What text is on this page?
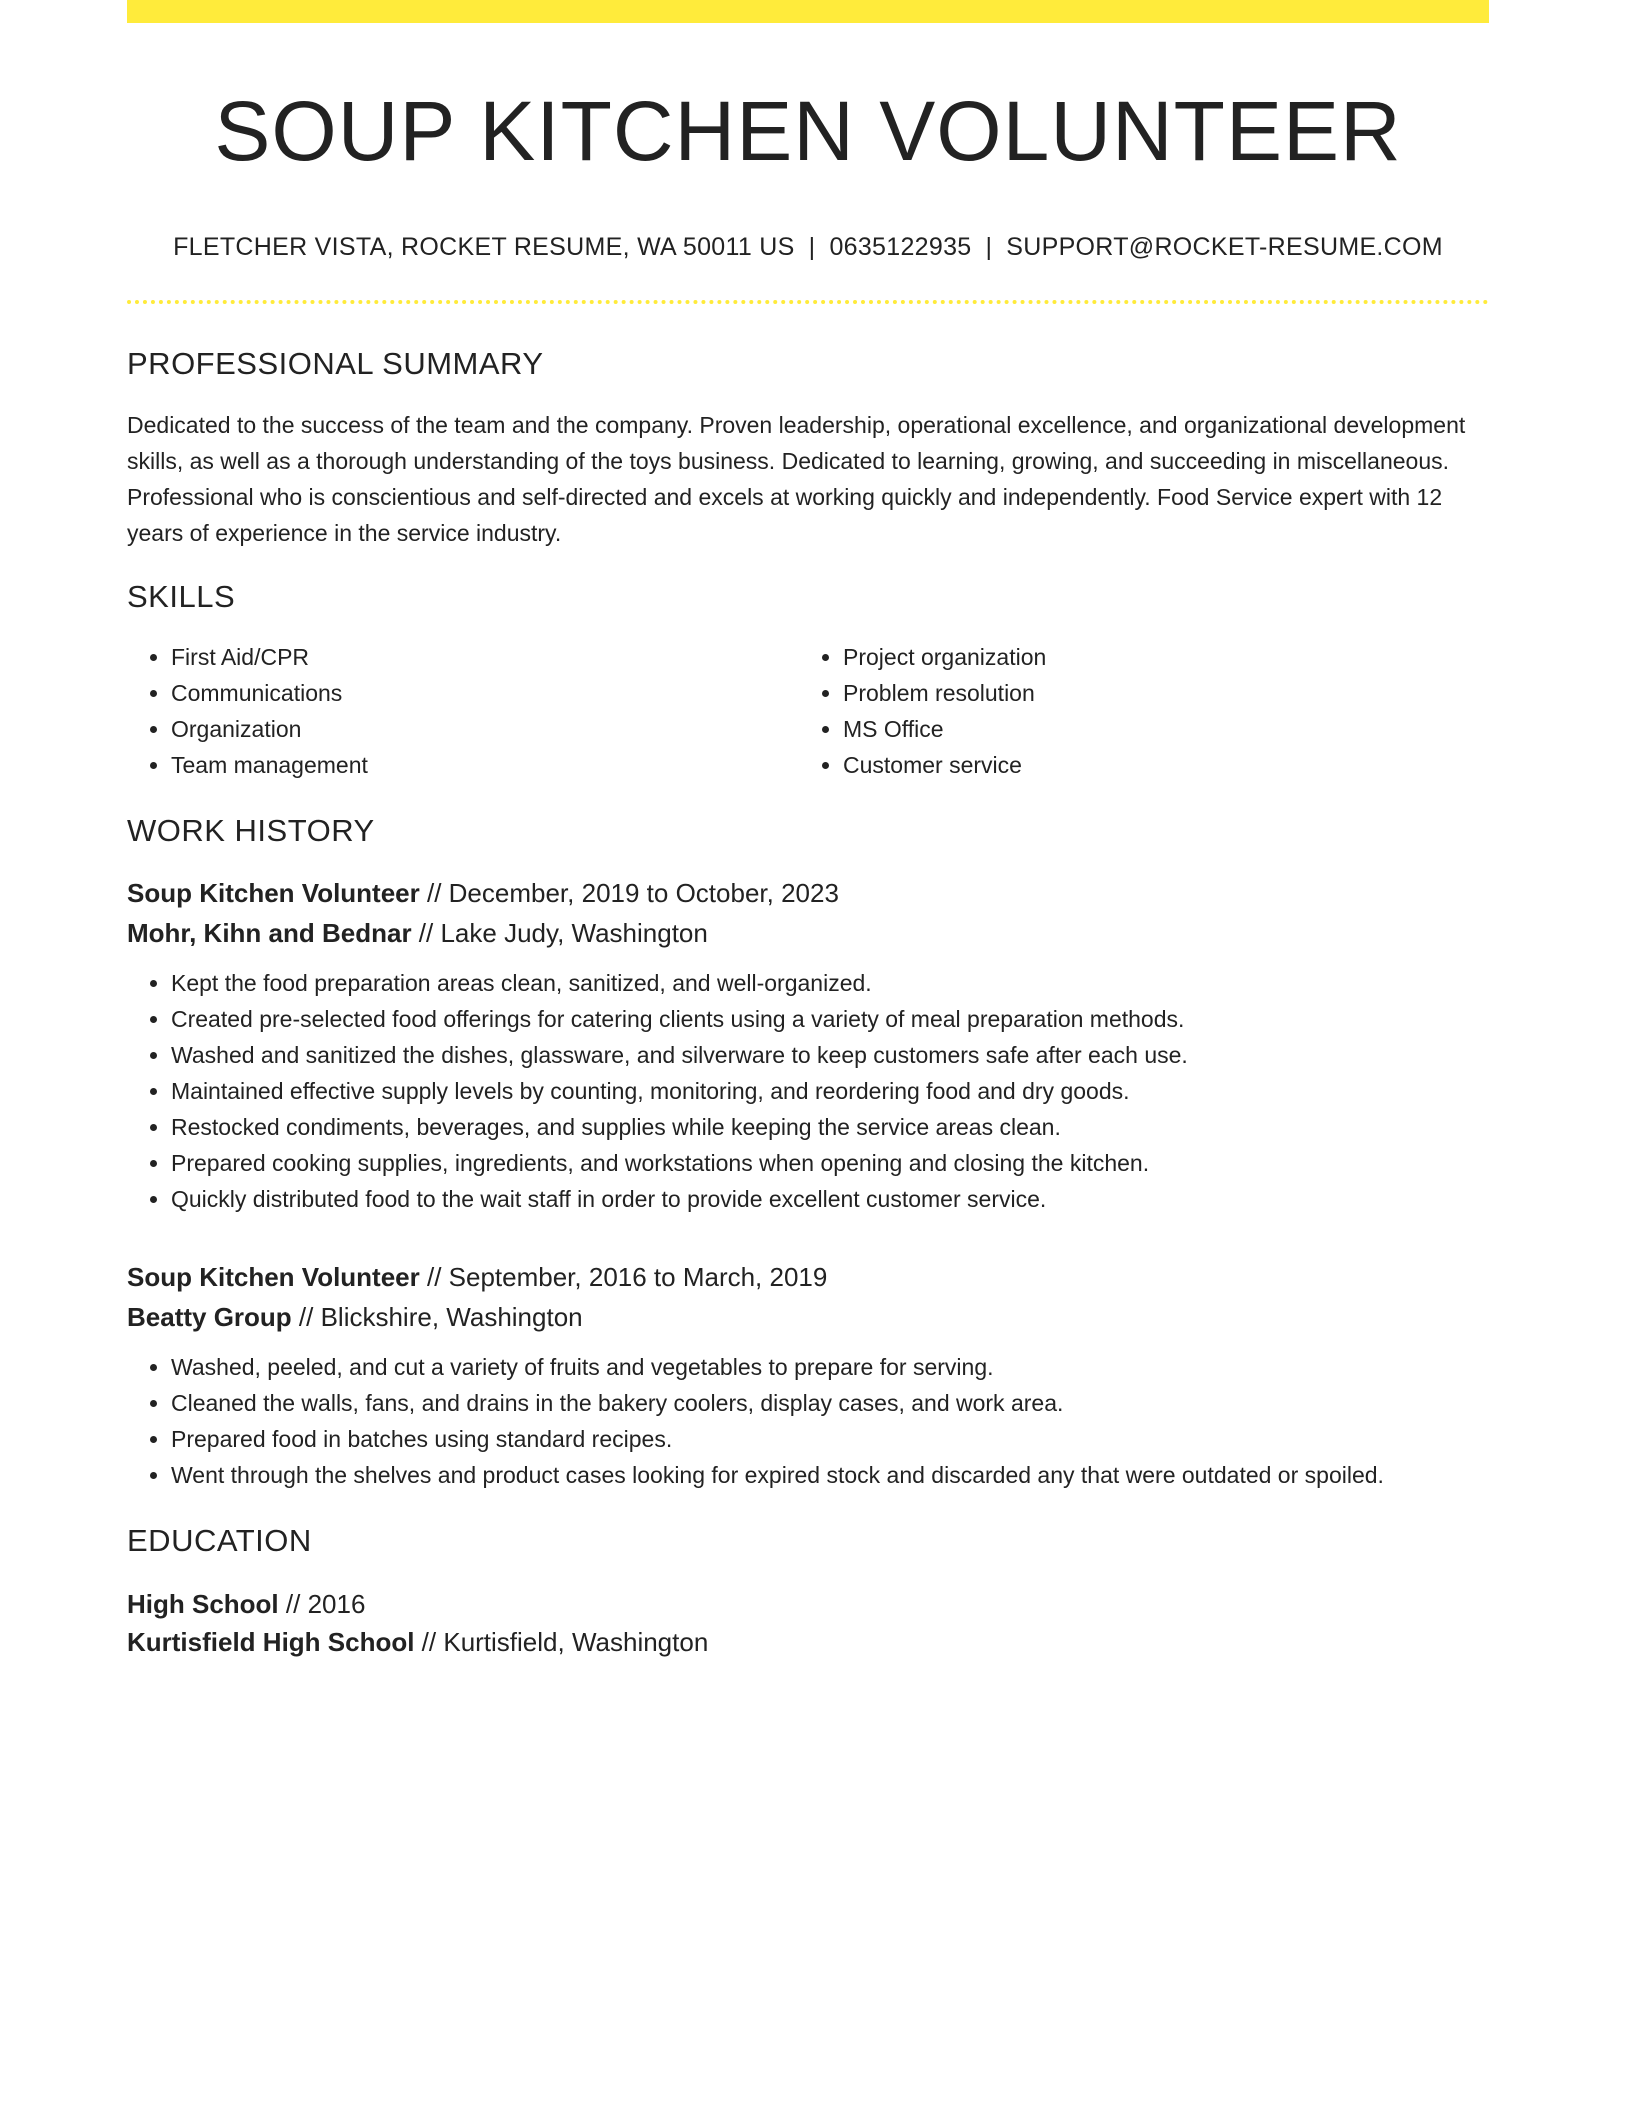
SOUP KITCHEN VOLUNTEER
FLETCHER VISTA, ROCKET RESUME, WA 50011 US | 0635122935 | SUPPORT@ROCKET-RESUME.COM
PROFESSIONAL SUMMARY
Dedicated to the success of the team and the company. Proven leadership, operational excellence, and organizational development skills, as well as a thorough understanding of the toys business. Dedicated to learning, growing, and succeeding in miscellaneous. Professional who is conscientious and self-directed and excels at working quickly and independently. Food Service expert with 12 years of experience in the service industry.
SKILLS
• First Aid/CPR
• Communications
• Organization
• Team management
• Project organization
• Problem resolution
• MS Office
• Customer service
WORK HISTORY
Soup Kitchen Volunteer // December, 2019 to October, 2023
Mohr, Kihn and Bednar // Lake Judy, Washington
• Kept the food preparation areas clean, sanitized, and well-organized.
• Created pre-selected food offerings for catering clients using a variety of meal preparation methods.
• Washed and sanitized the dishes, glassware, and silverware to keep customers safe after each use.
• Maintained effective supply levels by counting, monitoring, and reordering food and dry goods.
• Restocked condiments, beverages, and supplies while keeping the service areas clean.
• Prepared cooking supplies, ingredients, and workstations when opening and closing the kitchen.
• Quickly distributed food to the wait staff in order to provide excellent customer service.
Soup Kitchen Volunteer // September, 2016 to March, 2019
Beatty Group // Blickshire, Washington
• Washed, peeled, and cut a variety of fruits and vegetables to prepare for serving.
• Cleaned the walls, fans, and drains in the bakery coolers, display cases, and work area.
• Prepared food in batches using standard recipes.
• Went through the shelves and product cases looking for expired stock and discarded any that were outdated or spoiled.
EDUCATION
High School // 2016
Kurtisfield High School // Kurtisfield, Washington
